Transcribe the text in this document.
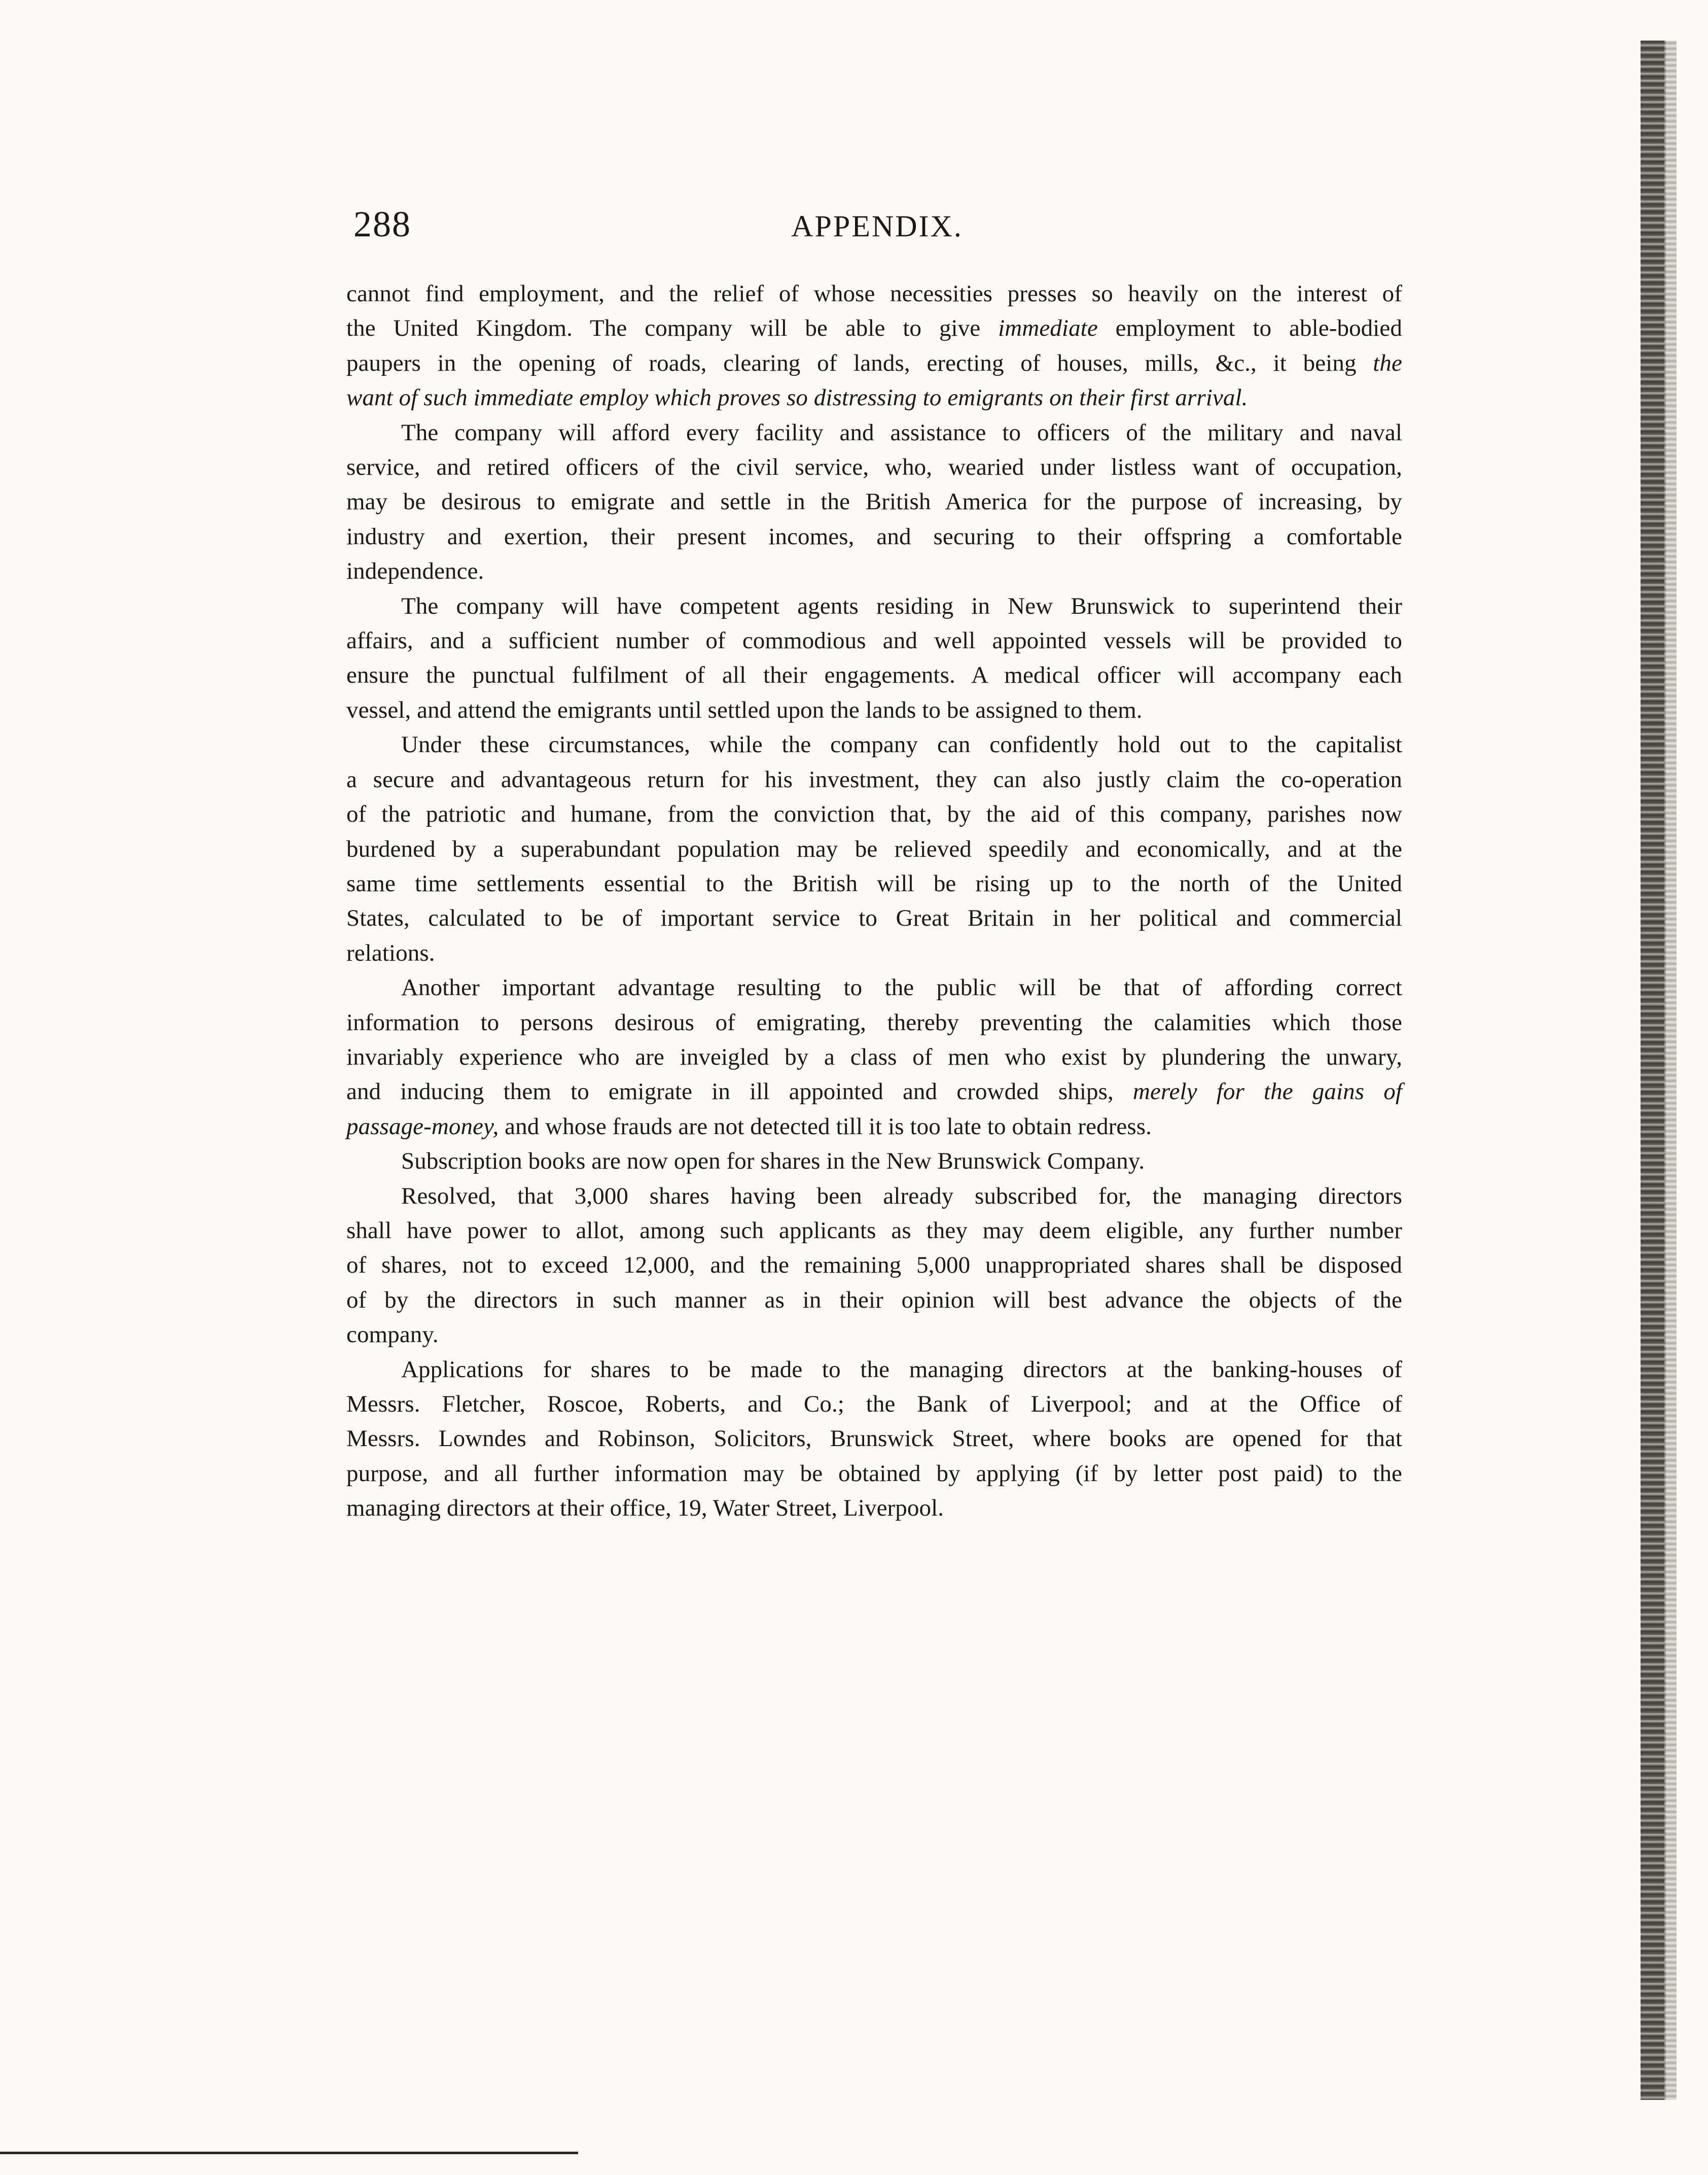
288	APPENDIX.
cannot find employment, and the relief of whose necessities presses so heavily on the interest of
the United Kingdom. The company will be able to give immediate employment to able-bodied
paupers in the opening of roads, clearing of lands, erecting of houses, mills, &c., it being the
want of such immediate employ which proves so distressing to emigrants on their first arrival.
The company will afford every facility and assistance to officers of the military and naval
service, and retired officers of the civil service, who, wearied under listless want of occupation,
may be desirous to emigrate and settle in the British America for the purpose of increasing, by
industry and exertion, their present incomes, and securing to their offspring a comfortable
independence.
The company will have competent agents residing in New Brunswick to superintend their
affairs, and a sufficient number of commodious and well appointed vessels will be provided to
ensure the punctual fulfilment of all their engagements. A medical officer will accompany each
vessel, and attend the emigrants until settled upon the lands to be assigned to them.
Under these circumstances, while the company can confidently hold out to the capitalist
a secure and advantageous return for his investment, they can also justly claim the co-operation
of the patriotic and humane, from the conviction that, by the aid of this company, parishes now
burdened by a superabundant population may be relieved speedily and economically, and at the
same time settlements essential to the British will be rising up to the north of the United
States, calculated to be of important service to Great Britain in her political and commercial
relations.
Another important advantage resulting to the public will be that of affording correct
information to persons desirous of emigrating, thereby preventing the calamities which those
invariably experience who are inveigled by a class of men who exist by plundering the unwary,
and inducing them to emigrate in ill appointed and crowded ships, merely for the gains of
passage-money, and whose frauds are not detected till it is too late to obtain redress.
Subscription books are now open for shares in the New Brunswick Company.
Resolved, that 3,000 shares having been already subscribed for, the managing directors
shall have power to allot, among such applicants as they may deem eligible, any further number
of shares, not to exceed 12,000, and the remaining 5,000 unappropriated shares shall be disposed
of by the directors in such manner as in their opinion will best advance the objects of the
company.
Applications for shares to be made to the managing directors at the banking-houses of
Messrs. Fletcher, Roscoe, Roberts, and Co.; the Bank of Liverpool; and at the Office of
Messrs. Lowndes and Robinson, Solicitors, Brunswick Street, where books are opened for that
purpose, and all further information may be obtained by applying (if by letter post paid) to the
managing directors at their office, 19, Water Street, Liverpool.
